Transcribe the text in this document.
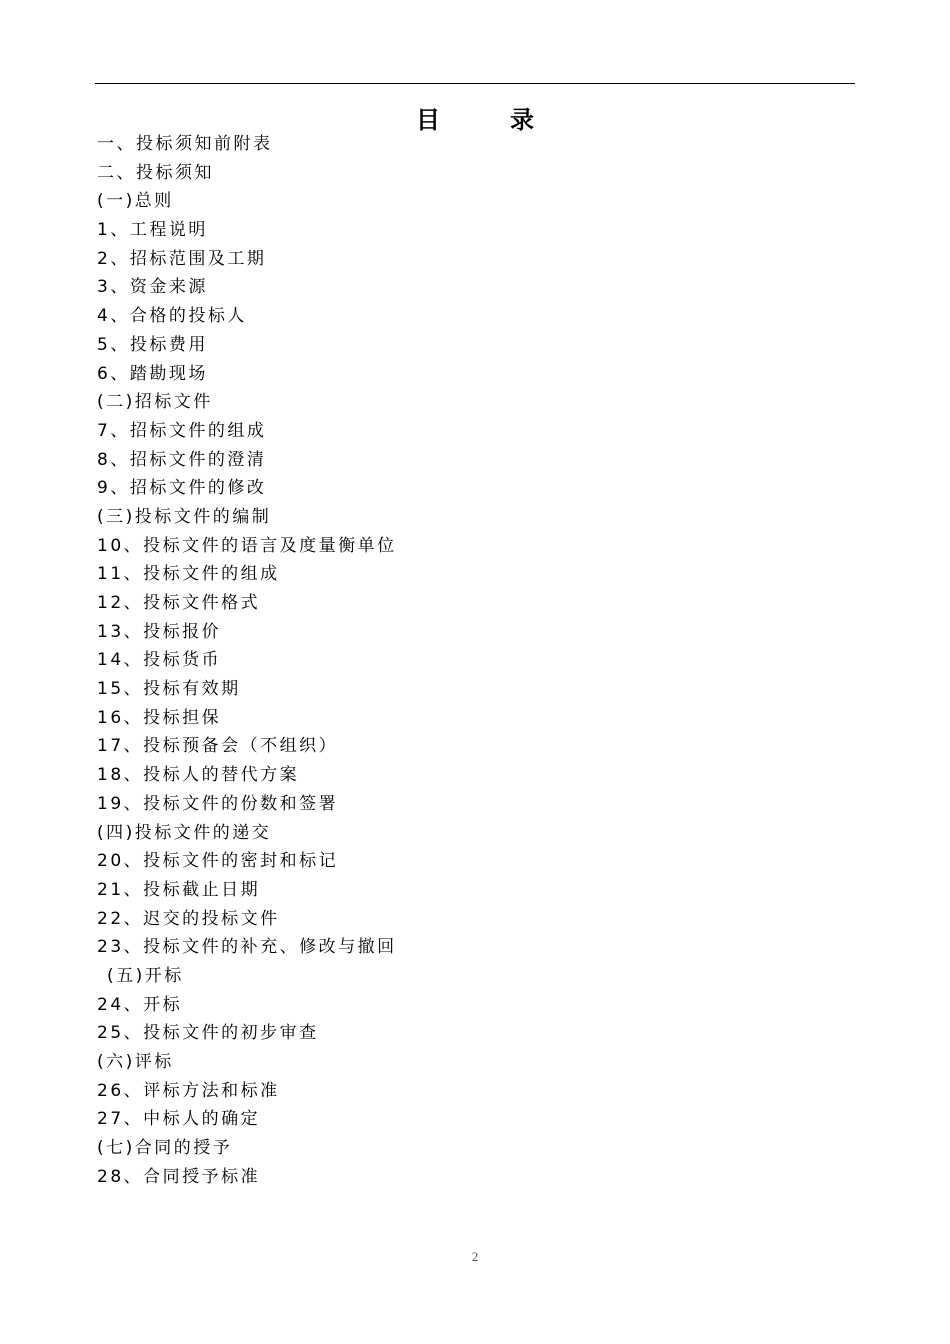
目	录
一、投标须知前附表
二、投标须知
(一)总则
1、工程说明
2、招标范围及工期
3、资金来源
4、合格的投标人
5、投标费用
6、踏勘现场
(二)招标文件
7、招标文件的组成
8、招标文件的澄清
9、招标文件的修改
(三)投标文件的编制
10、投标文件的语言及度量衡单位
11、投标文件的组成
12、投标文件格式
13、投标报价
14、投标货币
15、投标有效期
16、投标担保
17、投标预备会（不组织）
18、投标人的替代方案
19、投标文件的份数和签署
(四)投标文件的递交
20、投标文件的密封和标记
21、投标截止日期
22、迟交的投标文件
23、投标文件的补充、修改与撤回
(五)开标
24、开标
25、投标文件的初步审查
(六)评标
26、评标方法和标准
27、中标人的确定
(七)合同的授予
28、合同授予标准
2
